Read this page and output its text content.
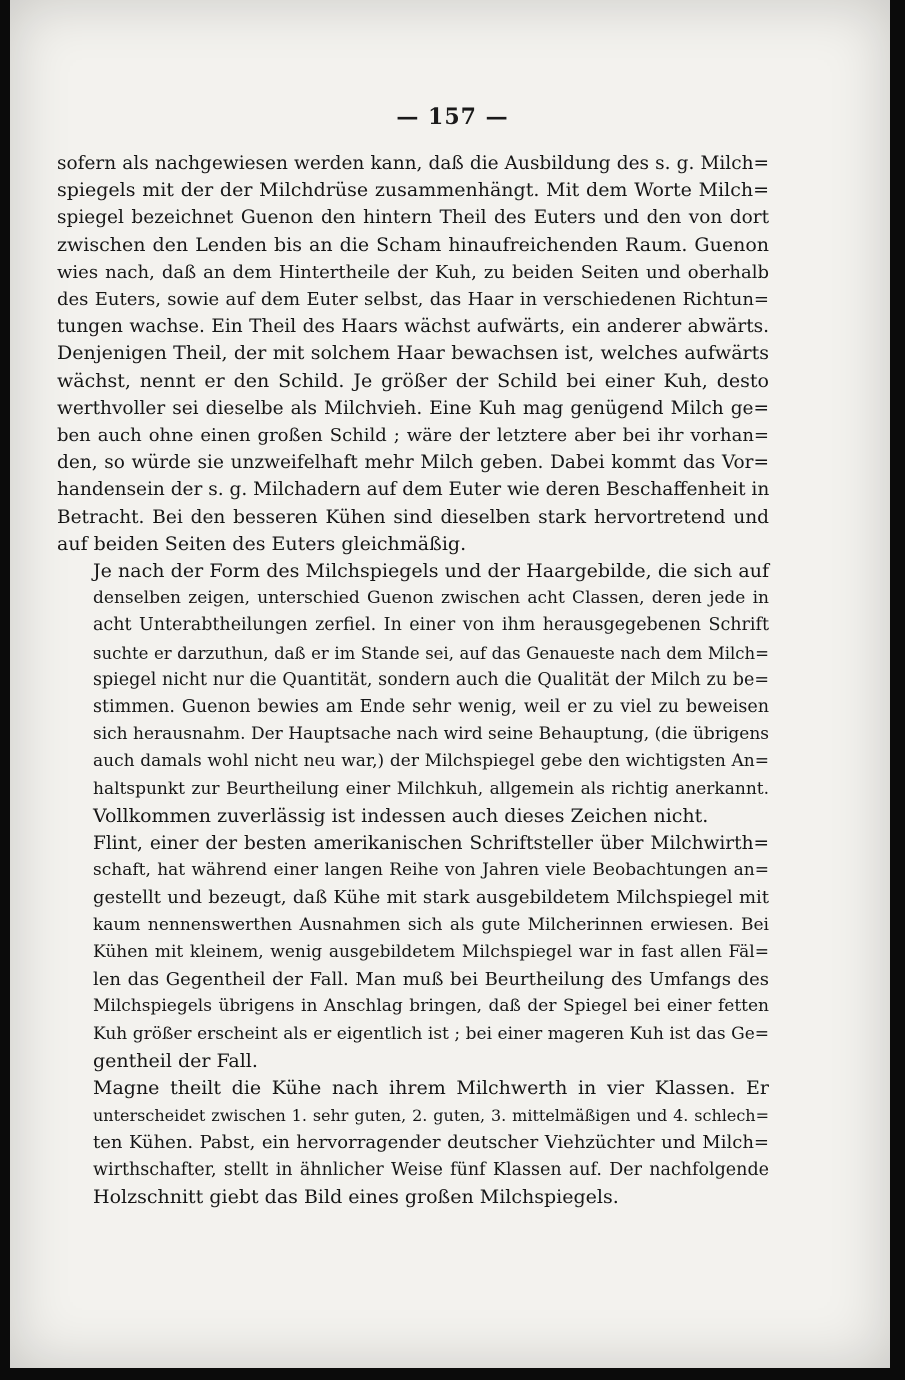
— 157 —

sofern als nachgewiesen werden kann, daß die Ausbildung des s. g. Milch=
spiegels mit der der Milchdrüse zusammenhängt. Mit dem Worte Milch=
spiegel bezeichnet Guenon den hintern Theil des Euters und den von dort
zwischen den Lenden bis an die Scham hinaufreichenden Raum. Guenon
wies nach, daß an dem Hintertheile der Kuh, zu beiden Seiten und oberhalb
des Euters, sowie auf dem Euter selbst, das Haar in verschiedenen Richtun=
tungen wachse. Ein Theil des Haars wächst aufwärts, ein anderer abwärts.
Denjenigen Theil, der mit solchem Haar bewachsen ist, welches aufwärts
wächst, nennt er den Schild. Je größer der Schild bei einer Kuh, desto
werthvoller sei dieselbe als Milchvieh. Eine Kuh mag genügend Milch ge=
ben auch ohne einen großen Schild ; wäre der letztere aber bei ihr vorhan=
den, so würde sie unzweifelhaft mehr Milch geben. Dabei kommt das Vor=
handensein der s. g. Milchadern auf dem Euter wie deren Beschaffenheit in
Betracht. Bei den besseren Kühen sind dieselben stark hervortretend und
auf beiden Seiten des Euters gleichmäßig.

Je nach der Form des Milchspiegels und der Haargebilde, die sich auf
denselben zeigen, unterschied Guenon zwischen acht Classen, deren jede in
acht Unterabtheilungen zerfiel. In einer von ihm herausgegebenen Schrift
suchte er darzuthun, daß er im Stande sei, auf das Genaueste nach dem Milch=
spiegel nicht nur die Quantität, sondern auch die Qualität der Milch zu be=
stimmen. Guenon bewies am Ende sehr wenig, weil er zu viel zu beweisen
sich herausnahm. Der Hauptsache nach wird seine Behauptung, (die übrigens
auch damals wohl nicht neu war,) der Milchspiegel gebe den wichtigsten An=
haltspunkt zur Beurtheilung einer Milchkuh, allgemein als richtig anerkannt.
Vollkommen zuverlässig ist indessen auch dieses Zeichen nicht.

Flint, einer der besten amerikanischen Schriftsteller über Milchwirth=
schaft, hat während einer langen Reihe von Jahren viele Beobachtungen an=
gestellt und bezeugt, daß Kühe mit stark ausgebildetem Milchspiegel mit
kaum nennenswerthen Ausnahmen sich als gute Milcherinnen erwiesen. Bei
Kühen mit kleinem, wenig ausgebildetem Milchspiegel war in fast allen Fäl=
len das Gegentheil der Fall. Man muß bei Beurtheilung des Umfangs des
Milchspiegels übrigens in Anschlag bringen, daß der Spiegel bei einer fetten
Kuh größer erscheint als er eigentlich ist ; bei einer mageren Kuh ist das Ge=
gentheil der Fall.

Magne theilt die Kühe nach ihrem Milchwerth in vier Klassen. Er
unterscheidet zwischen 1. sehr guten, 2. guten, 3. mittelmäßigen und 4. schlech=
ten Kühen. Pabst, ein hervorragender deutscher Viehzüchter und Milch=
wirthschafter, stellt in ähnlicher Weise fünf Klassen auf. Der nachfolgende
Holzschnitt giebt das Bild eines großen Milchspiegels.
